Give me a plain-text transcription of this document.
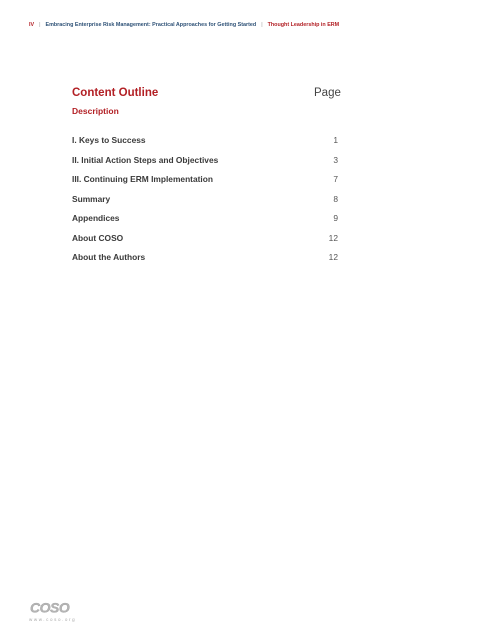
IV | Embracing Enterprise Risk Management: Practical Approaches for Getting Started | Thought Leadership in ERM
Content Outline	Page
Description
I. Keys to Success	1
II. Initial Action Steps and Objectives	3
III. Continuing ERM Implementation	7
Summary	8
Appendices	9
About COSO	12
About the Authors	12
COSO
www.coso.org
